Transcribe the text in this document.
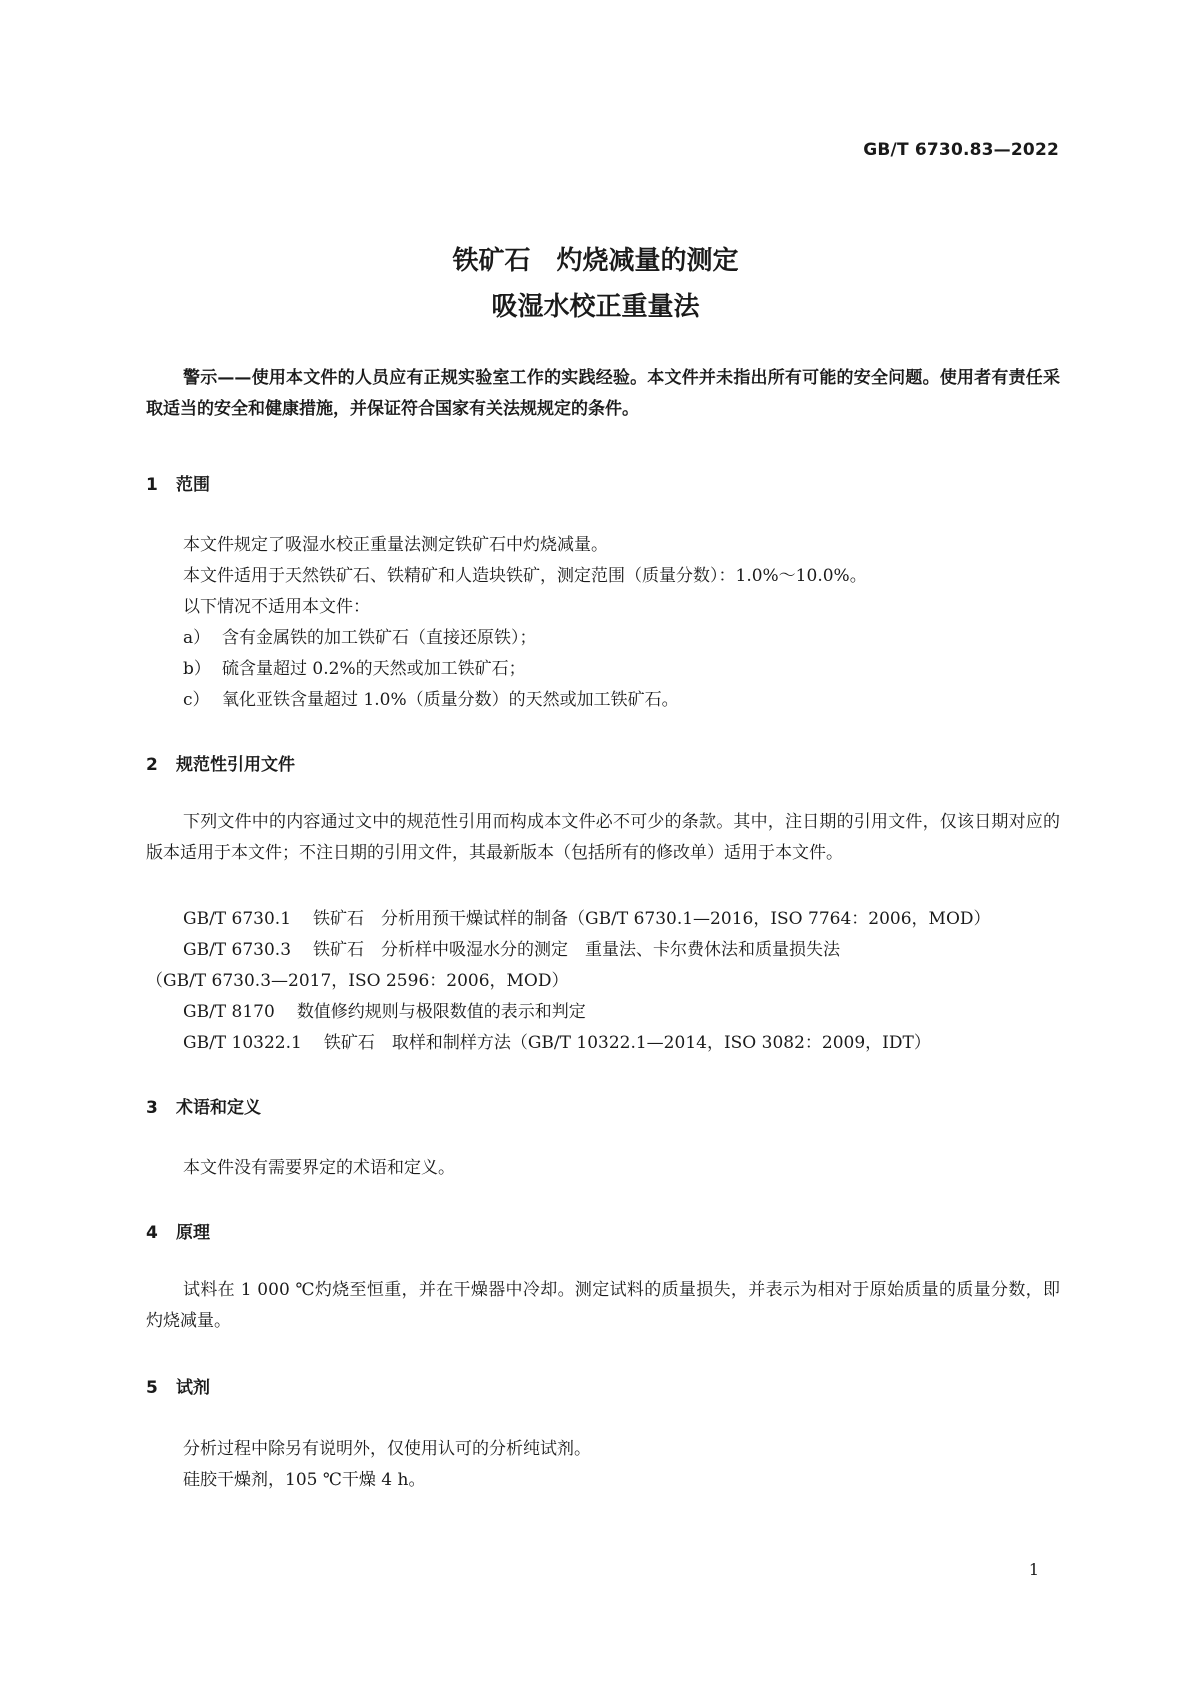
GB/T 6730.83—2022
铁矿石　灼烧减量的测定
吸湿水校正重量法
警示——使用本文件的人员应有正规实验室工作的实践经验。本文件并未指出所有可能的安全问题。使用者有责任采取适当的安全和健康措施，并保证符合国家有关法规规定的条件。
1 范围
本文件规定了吸湿水校正重量法测定铁矿石中灼烧减量。
本文件适用于天然铁矿石、铁精矿和人造块铁矿，测定范围（质量分数）：1.0%～10.0%。
以下情况不适用本文件：
a） 含有金属铁的加工铁矿石（直接还原铁）；
b） 硫含量超过 0.2%的天然或加工铁矿石；
c） 氧化亚铁含量超过 1.0%（质量分数）的天然或加工铁矿石。
2 规范性引用文件
下列文件中的内容通过文中的规范性引用而构成本文件必不可少的条款。其中，注日期的引用文件，仅该日期对应的版本适用于本文件；不注日期的引用文件，其最新版本（包括所有的修改单）适用于本文件。
GB/T 6730.1 铁矿石　分析用预干燥试样的制备（GB/T 6730.1—2016，ISO 7764：2006，MOD）
GB/T 6730.3 铁矿石　分析样中吸湿水分的测定　重量法、卡尔费休法和质量损失法
（GB/T 6730.3—2017，ISO 2596：2006，MOD）
GB/T 8170 数值修约规则与极限数值的表示和判定
GB/T 10322.1 铁矿石　取样和制样方法（GB/T 10322.1—2014，ISO 3082：2009，IDT）
3 术语和定义
本文件没有需要界定的术语和定义。
4 原理
试料在 1 000 ℃灼烧至恒重，并在干燥器中冷却。测定试料的质量损失，并表示为相对于原始质量的质量分数，即灼烧减量。
5 试剂
分析过程中除另有说明外，仅使用认可的分析纯试剂。
硅胶干燥剂，105 ℃干燥 4 h。
1
